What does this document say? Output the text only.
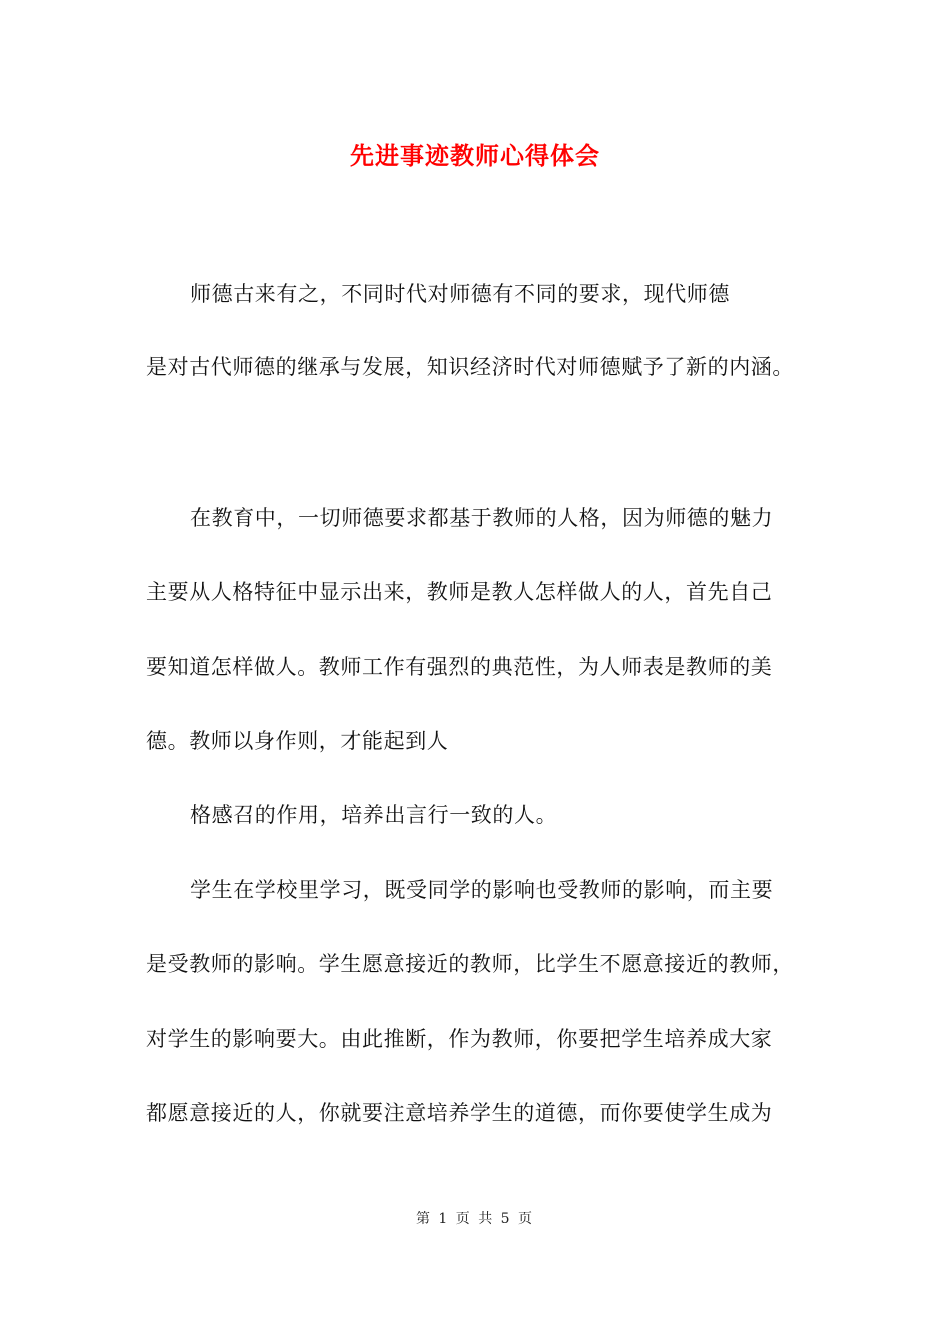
先进事迹教师心得体会
师德古来有之，不同时代对师德有不同的要求，现代师德
是对古代师德的继承与发展，知识经济时代对师德赋予了新的内涵。
在教育中，一切师德要求都基于教师的人格，因为师德的魅力
主要从人格特征中显示出来，教师是教人怎样做人的人，首先自己
要知道怎样做人。教师工作有强烈的典范性，为人师表是教师的美
德。教师以身作则，才能起到人
格感召的作用，培养出言行一致的人。
学生在学校里学习，既受同学的影响也受教师的影响，而主要
是受教师的影响。学生愿意接近的教师，比学生不愿意接近的教师，
对学生的影响要大。由此推断，作为教师，你要把学生培养成大家
都愿意接近的人，你就要注意培养学生的道德，而你要使学生成为
第 1 页 共 5 页
